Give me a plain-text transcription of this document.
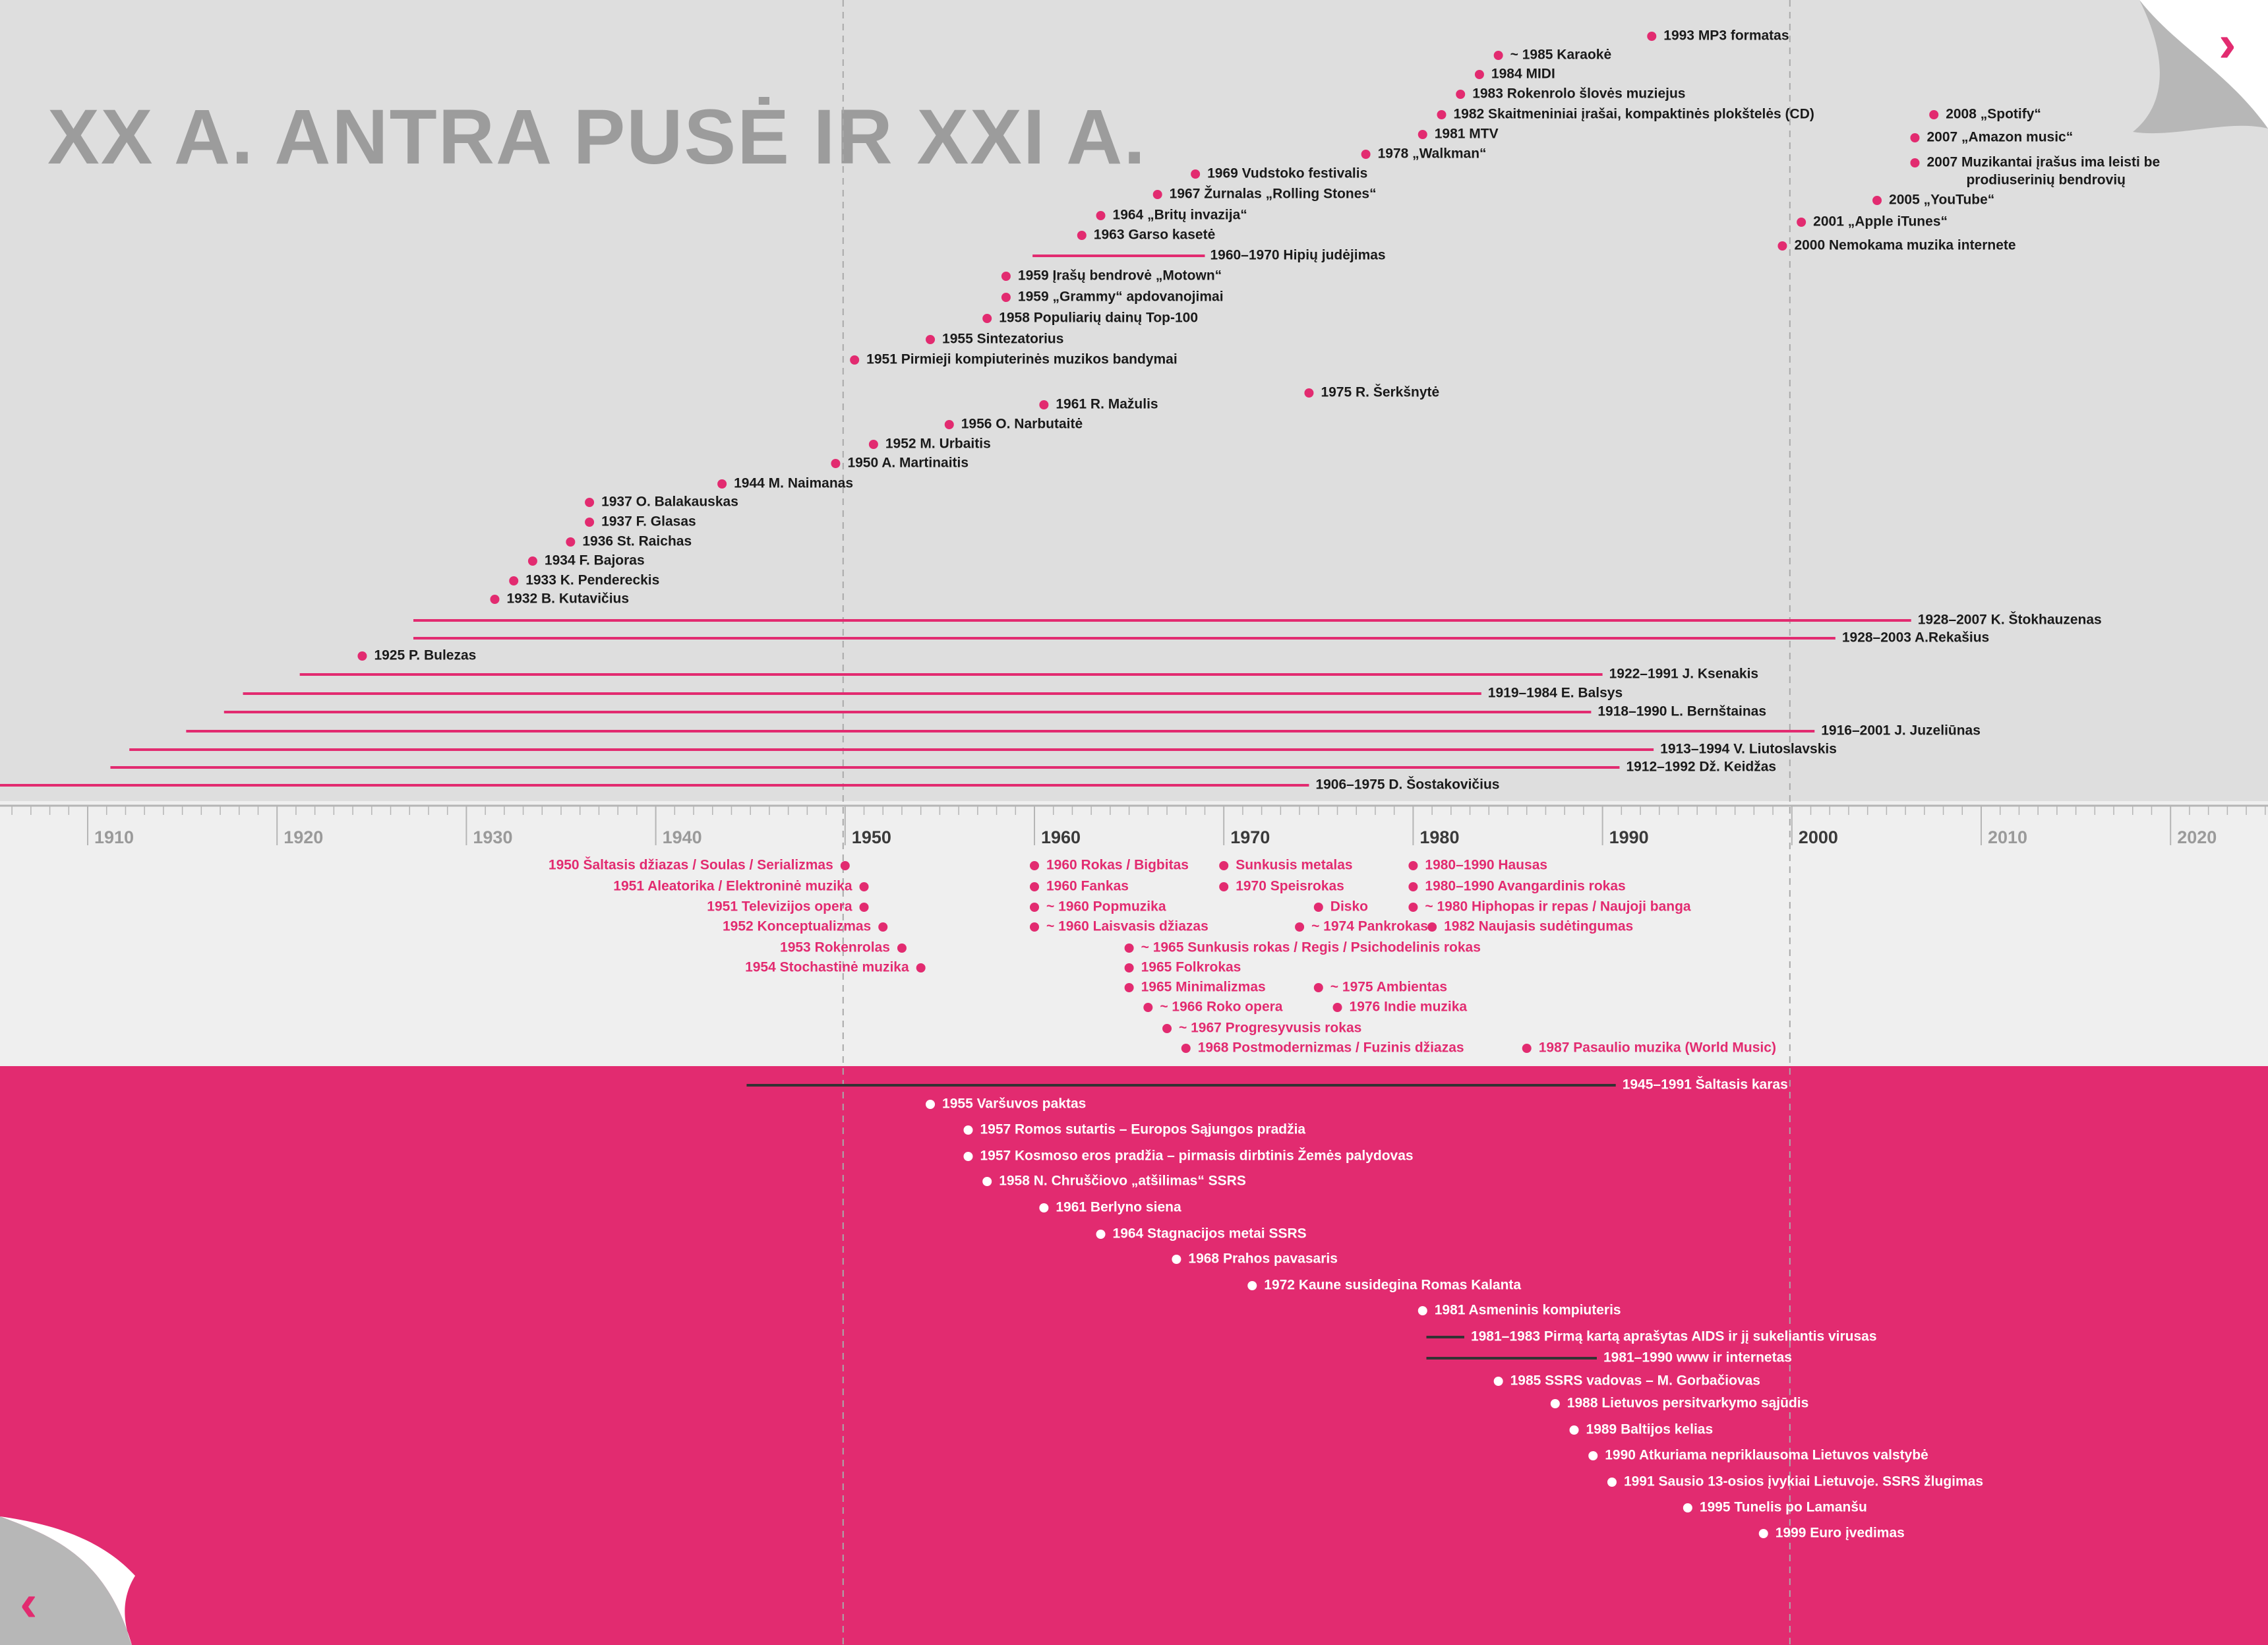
XX A. ANTRA PUSĖ IR XXI A.
1910	1920	1930	1940	1950	1960	1970	1980	1990	2000	2010	2020
1993 MP3 formatas
~ 1985 Karaokė
1984 MIDI
1983 Rokenrolo šlovės muziejus
1982 Skaitmeniniai įrašai, kompaktinės plokštelės (CD)
1981 MTV
1978 „Walkman“
1969 Vudstoko festivalis
1967 Žurnalas „Rolling Stones“
1964 „Britų invazija“
1963 Garso kasetė
1959 Įrašų bendrovė „Motown“
1959 „Grammy“ apdovanojimai
1958 Populiarių dainų Top-100
1955 Sintezatorius
1951 Pirmieji kompiuterinės muzikos bandymai
2008 „Spotify“
2007 „Amazon music“
2007 Muzikantai įrašus ima leisti be
2005 „YouTube“
2001 „Apple iTunes“
2000 Nemokama muzika internete
prodiuserinių bendrovių
1960–1970 Hipių judėjimas
1975 R. Šerkšnytė
1961 R. Mažulis
1956 O. Narbutaitė
1952 M. Urbaitis
1950 A. Martinaitis
1944 M. Naimanas
1937 O. Balakauskas
1937 F. Glasas
1936 St. Raichas
1934 F. Bajoras
1933 K. Pendereckis
1932 B. Kutavičius
1925 P. Bulezas
1928–2007 K. Štokhauzenas
1928–2003 A.Rekašius
1922–1991 J. Ksenakis
1919–1984 E. Balsys
1918–1990 L. Bernštainas
1916–2001 J. Juzeliūnas
1913–1994 V. Liutoslavskis
1912–1992 Dž. Keidžas
1906–1975 D. Šostakovičius
1950 Šaltasis džiazas / Soulas / Serializmas
1951 Aleatorika / Elektroninė muzika
1951 Televizijos opera
1952 Konceptualizmas
1953 Rokenrolas
1954 Stochastinė muzika
1960 Rokas / Bigbitas	Sunkusis metalas	1980–1990 Hausas
1960 Fankas	1970 Speisrokas	1980–1990 Avangardinis rokas
~ 1960 Popmuzika	Disko	~ 1980 Hiphopas ir repas / Naujoji banga
~ 1960 Laisvasis džiazas	~ 1974 Pankrokas 1982 Naujasis sudėtingumas
~ 1965 Sunkusis rokas / Regis / Psichodelinis rokas
1965 Folkrokas
1965 Minimalizmas	~ 1975 Ambientas
~ 1966 Roko opera	1976 Indie muzika
~ 1967 Progresyvusis rokas
1968 Postmodernizmas / Fuzinis džiazas	1987 Pasaulio muzika (World Music)
1945–1991 Šaltasis karas
1981–1983 Pirmą kartą aprašytas AIDS ir jį sukeliantis virusas
1981–1990 www ir internetas
1955 Varšuvos paktas
1957 Romos sutartis – Europos Sąjungos pradžia
1957 Kosmoso eros pradžia – pirmasis dirbtinis Žemės palydovas
1958 N. Chruščiovo „atšilimas“ SSRS
1961 Berlyno siena
1964 Stagnacijos metai SSRS
1968 Prahos pavasaris
1972 Kaune susidegina Romas Kalanta
1981 Asmeninis kompiuteris
1985 SSRS vadovas – M. Gorbačiovas
1988 Lietuvos persitvarkymo sąjūdis
1989 Baltijos kelias
1990 Atkuriama nepriklausoma Lietuvos valstybė
1991 Sausio 13-osios įvykiai Lietuvoje. SSRS žlugimas
1995 Tunelis po Lamanšu
1999 Euro įvedimas
›
‹
